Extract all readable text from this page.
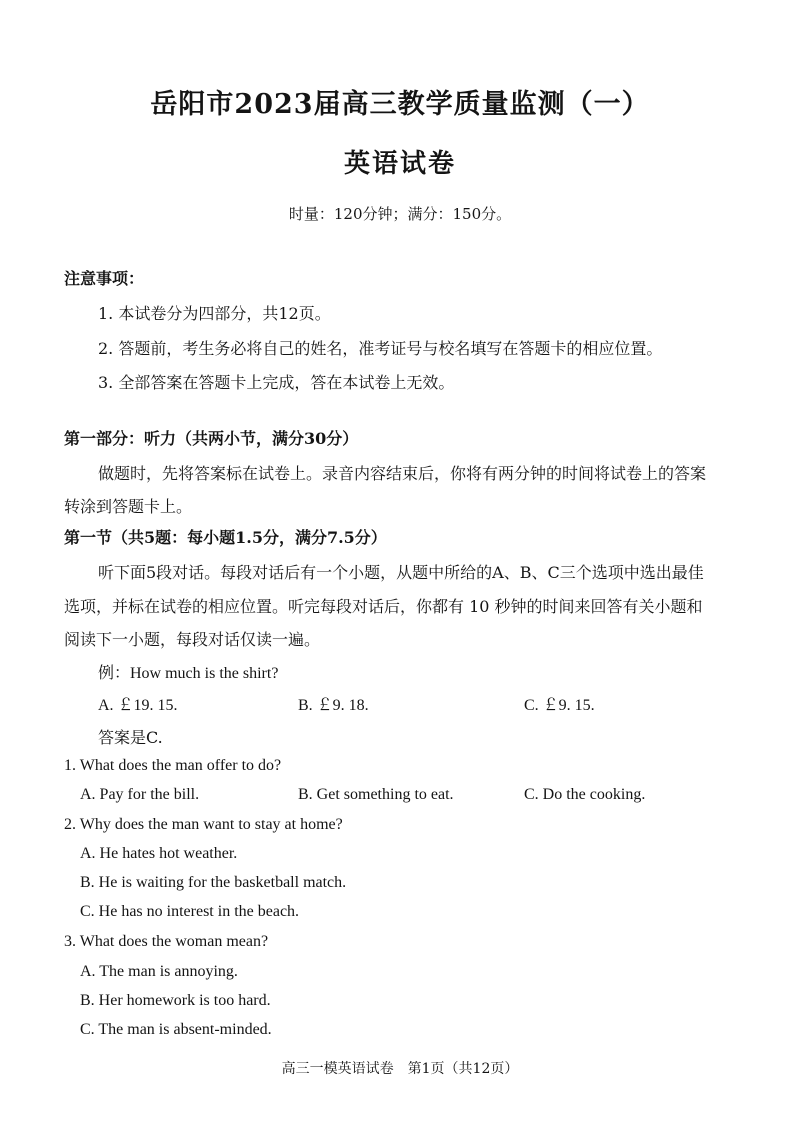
岳阳市2023届高三教学质量监测（一）
英语试卷
时量：120分钟；满分：150分。
注意事项：
1. 本试卷分为四部分，共12页。
2. 答题前，考生务必将自己的姓名，准考证号与校名填写在答题卡的相应位置。
3. 全部答案在答题卡上完成，答在本试卷上无效。
第一部分：听力（共两小节，满分30分）
做题时，先将答案标在试卷上。录音内容结束后，你将有两分钟的时间将试卷上的答案
转涂到答题卡上。
第一节（共5题：每小题1.5分，满分7.5分）
听下面5段对话。每段对话后有一个小题，从题中所给的A、B、C三个选项中选出最佳
选项，并标在试卷的相应位置。听完每段对话后，你都有 10 秒钟的时间来回答有关小题和
阅读下一小题，每段对话仅读一遍。
例：How much is the shirt?
A. ￡19. 15.	B. ￡9. 18.	C. ￡9. 15.
答案是C.
1. What does the man offer to do?
A. Pay for the bill.	B. Get something to eat.	C. Do the cooking.
2. Why does the man want to stay at home?
A. He hates hot weather.
B. He is waiting for the basketball match.
C. He has no interest in the beach.
3. What does the woman mean?
A. The man is annoying.
B. Her homework is too hard.
C. The man is absent-minded.
高三一模英语试卷　第1页（共12页）
